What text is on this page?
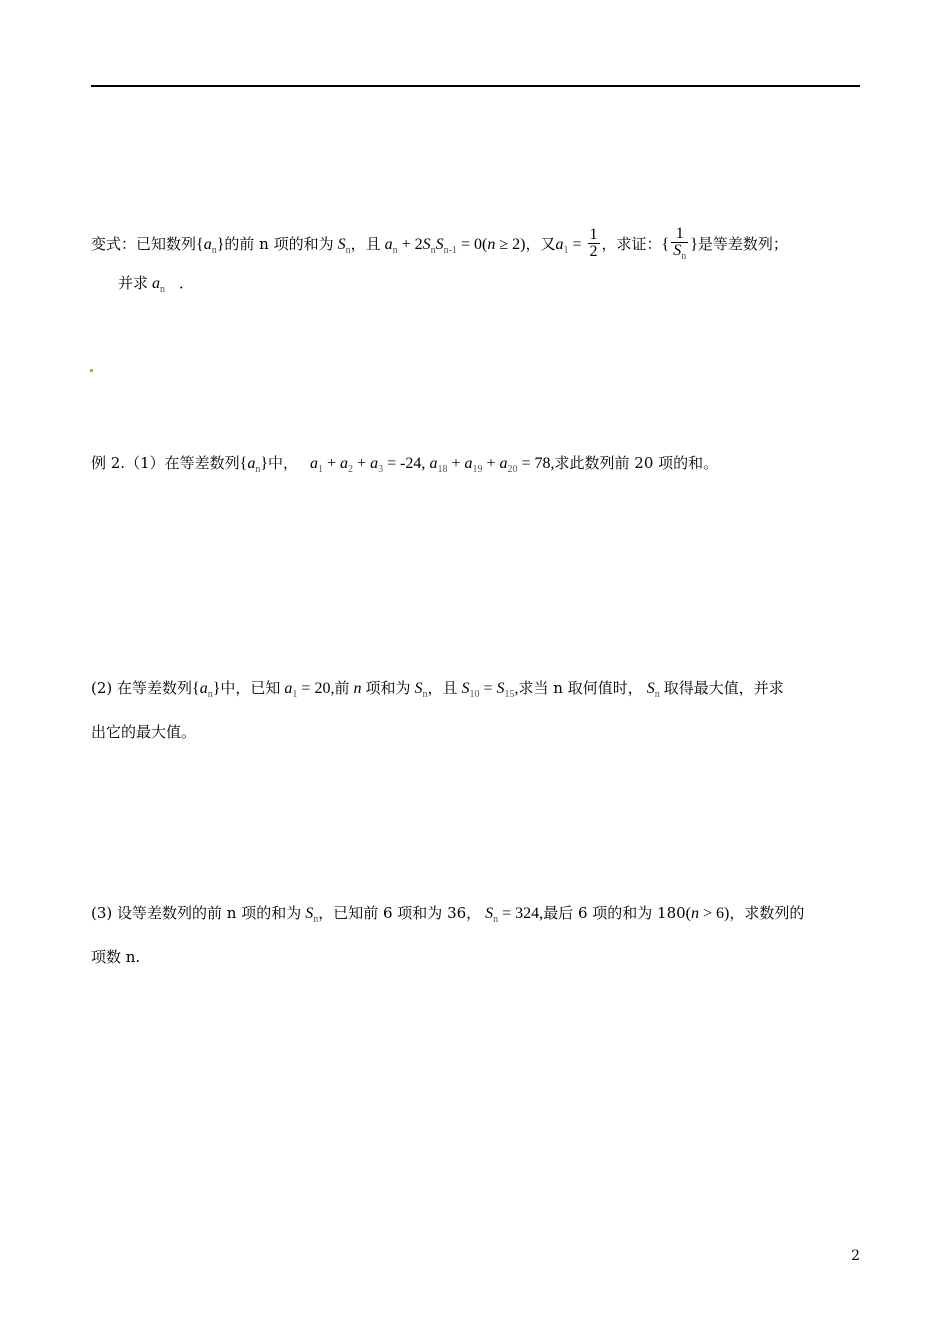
变式：已知数列$\{a_n\}$的前 n 项的和为 $S_n$，且 $a_n + 2S_nS_{n-1} = 0(n \ge 2)$，又$a_1 = \frac{1}{2}$ ，求证：{ $\frac{1}{S_n}$ }是等差数列；
并求 $a_n$ ．
例 2.（1）在等差数列$\{a_n\}$中， $a_1 + a_2 + a_3 = -24$, $a_{18} + a_{19} + a_{20} = 78$,求此数列前 20 项的和。
(2) 在等差数列$\{a_n\}$中，已知 $a_1 = 20$,前 n 项和为 $S_n$，且 $S_{10} = S_{15}$,求当 n 取何值时， $S_n$ 取得最大值，并求
出它的最大值。
(3) 设等差数列的前 n 项的和为 $S_n$，已知前 6 项和为 36， $S_n = 324$,最后 6 项的和为 180(n > 6)，求数列的
项数 n.
2
